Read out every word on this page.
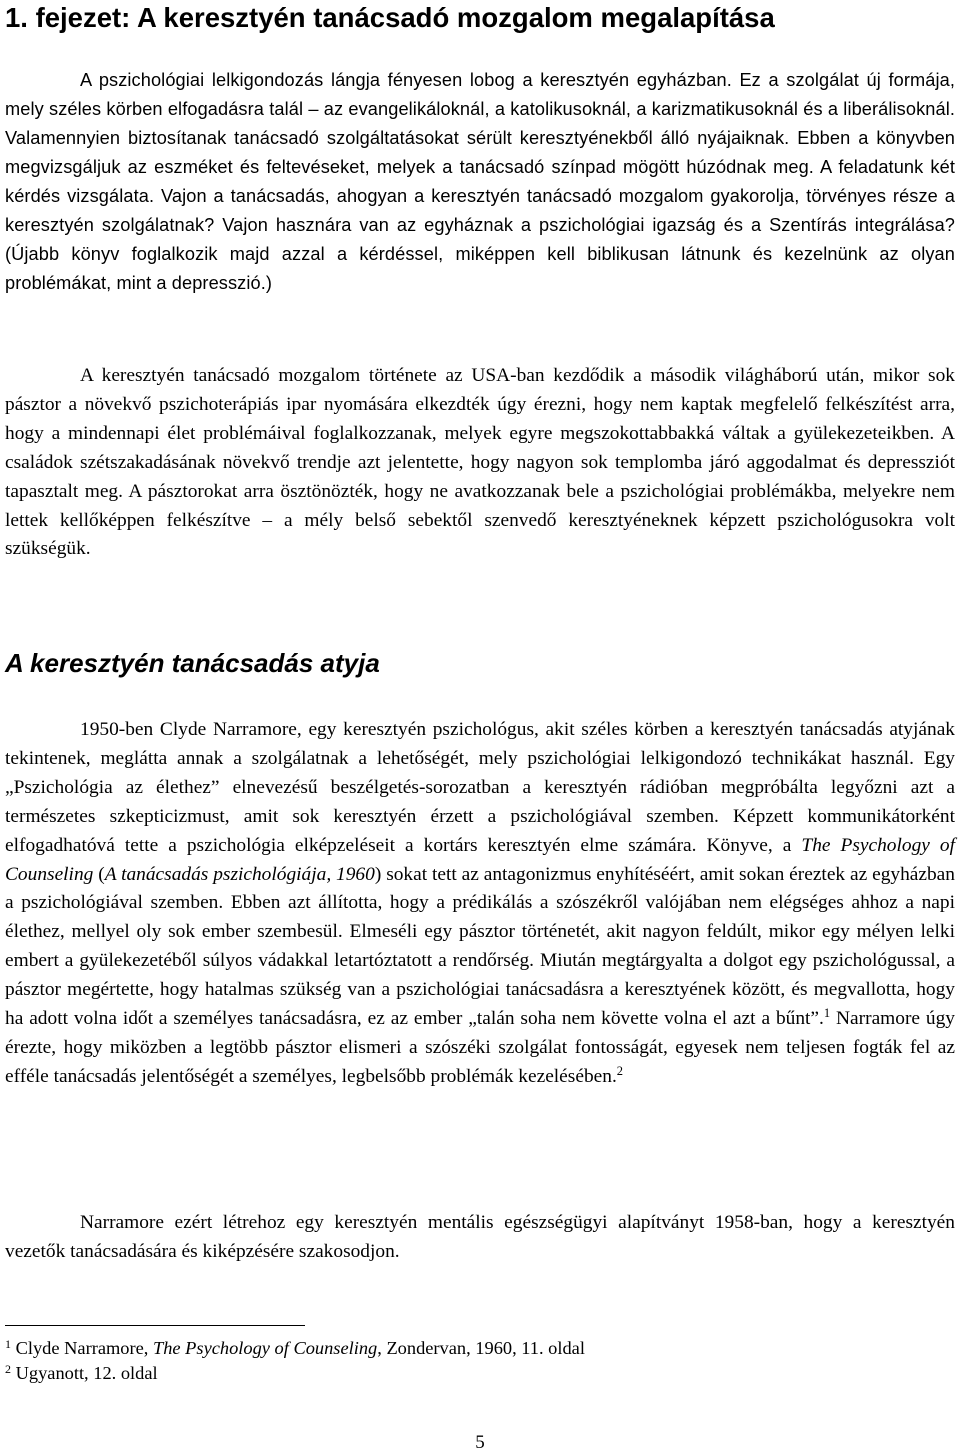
1. fejezet: A keresztyén tanácsadó mozgalom megalapítása

A pszichológiai lelkigondozás lángja fényesen lobog a keresztyén egyházban. Ez a szolgálat új formája, mely széles körben elfogadásra talál – az evangelikáloknál, a katolikusoknál, a karizmatikusoknál és a liberálisoknál. Valamennyien biztosítanak tanácsadó szolgáltatásokat sérült keresztyénekből álló nyájaiknak. Ebben a könyvben megvizsgáljuk az eszméket és feltevéseket, melyek a tanácsadó színpad mögött húzódnak meg. A feladatunk két kérdés vizsgálata. Vajon a tanácsadás, ahogyan a keresztyén tanácsadó mozgalom gyakorolja, törvényes része a keresztyén szolgálatnak? Vajon hasznára van az egyháznak a pszichológiai igazság és a Szentírás integrálása? (Újabb könyv foglalkozik majd azzal a kérdéssel, miképpen kell biblikusan látnunk és kezelnünk az olyan problémákat, mint a depresszió.)

A keresztyén tanácsadó mozgalom története az USA-ban kezdődik a második világháború után, mikor sok pásztor a növekvő pszichoterápiás ipar nyomására elkezdték úgy érezni, hogy nem kaptak megfelelő felkészítést arra, hogy a mindennapi élet problémáival foglalkozzanak, melyek egyre megszokottabbakká váltak a gyülekezeteikben. A családok szétszakadásának növekvő trendje azt jelentette, hogy nagyon sok templomba járó aggodalmat és depressziót tapasztalt meg. A pásztorokat arra ösztönözték, hogy ne avatkozzanak bele a pszichológiai problémákba, melyekre nem lettek kellőképpen felkészítve – a mély belső sebektől szenvedő keresztyéneknek képzett pszichológusokra volt szükségük.

A keresztyén tanácsadás atyja

1950-ben Clyde Narramore, egy keresztyén pszichológus, akit széles körben a keresztyén tanácsadás atyjának tekintenek, meglátta annak a szolgálatnak a lehetőségét, mely pszichológiai lelkigondozó technikákat használ. Egy „Pszichológia az élethez” elnevezésű beszélgetés-sorozatban a keresztyén rádióban megpróbálta legyőzni azt a természetes szkepticizmust, amit sok keresztyén érzett a pszichológiával szemben. Képzett kommunikátorként elfogadhatóvá tette a pszichológia elképzeléseit a kortárs keresztyén elme számára. Könyve, a The Psychology of Counseling (A tanácsadás pszichológiája, 1960) sokat tett az antagonizmus enyhítéséért, amit sokan éreztek az egyházban a pszichológiával szemben. Ebben azt állította, hogy a prédikálás a szószékről valójában nem elégséges ahhoz a napi élethez, mellyel oly sok ember szembesül. Elmeséli egy pásztor történetét, akit nagyon feldúlt, mikor egy mélyen lelki embert a gyülekezetéből súlyos vádakkal letartóztatott a rendőrség. Miután megtárgyalta a dolgot egy pszichológussal, a pásztor megértette, hogy hatalmas szükség van a pszichológiai tanácsadásra a keresztyének között, és megvallotta, hogy ha adott volna időt a személyes tanácsadásra, ez az ember „talán soha nem követte volna el azt a bűnt”.$^1$ Narramore úgy érezte, hogy miközben a legtöbb pásztor elismeri a szószéki szolgálat fontosságát, egyesek nem teljesen fogták fel az efféle tanácsadás jelentőségét a személyes, legbelsőbb problémák kezelésében.$^2$

Narramore ezért létrehoz egy keresztyén mentális egészségügyi alapítványt 1958-ban, hogy a keresztyén vezetők tanácsadására és kiképzésére szakosodjon.

$^1$ Clyde Narramore, The Psychology of Counseling, Zondervan, 1960, 11. oldal

$^2$ Ugyanott, 12. oldal

5
